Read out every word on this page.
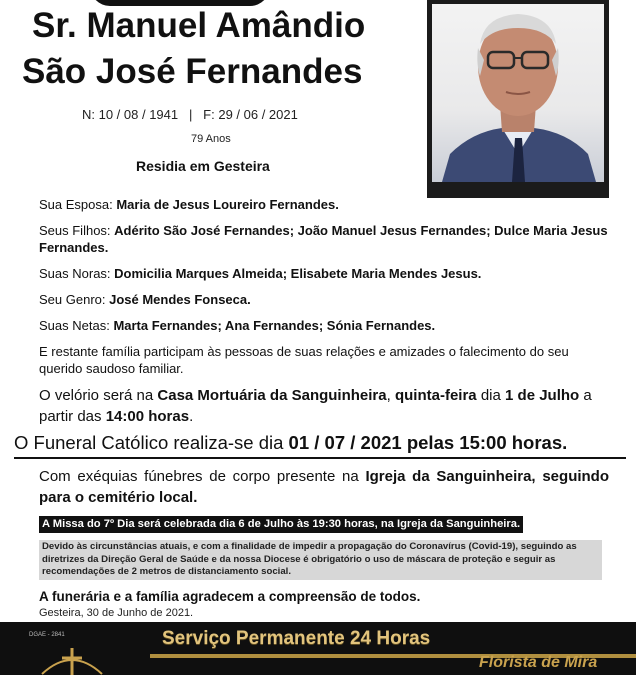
Sr. Manuel Amândio
São José Fernandes
N: 10 / 08 / 1941   |   F: 29 / 06 / 2021
79 Anos
Residia em Gesteira
Sua Esposa: Maria de Jesus Loureiro Fernandes.
Seus Filhos: Adérito São José Fernandes; João Manuel Jesus Fernandes; Dulce Maria Jesus Fernandes.
Suas Noras: Domicilia Marques Almeida; Elisabete Maria Mendes Jesus.
Seu Genro: José Mendes Fonseca.
Suas Netas: Marta Fernandes; Ana Fernandes; Sónia Fernandes.
E restante família participam às pessoas de suas relações e amizades o falecimento do seu querido saudoso familiar.
O velório será na Casa Mortuária da Sanguinheira, quinta-feira dia 1 de Julho a partir das 14:00 horas.
O Funeral Católico realiza-se dia 01 / 07 / 2021 pelas 15:00 horas.
Com exéquias fúnebres de corpo presente na Igreja da Sanguinheira, seguindo para o cemitério local.
A Missa do 7º Dia será celebrada dia 6 de Julho às 19:30 horas, na Igreja da Sanguinheira.
Devido às circunstâncias atuais, e com a finalidade de impedir a propagação do Coronavírus (Covid-19), seguindo as diretrizes da Direção Geral de Saúde e da nossa Diocese é obrigatório o uso de máscara de proteção e seguir as recomendações de 2 metros de distanciamento social.
A funerária e a família agradecem a compreensão de todos.
Gesteira, 30 de Junho de 2021.
DGAE - 2841	Serviço Permanente 24 Horas
Florista de Mira
